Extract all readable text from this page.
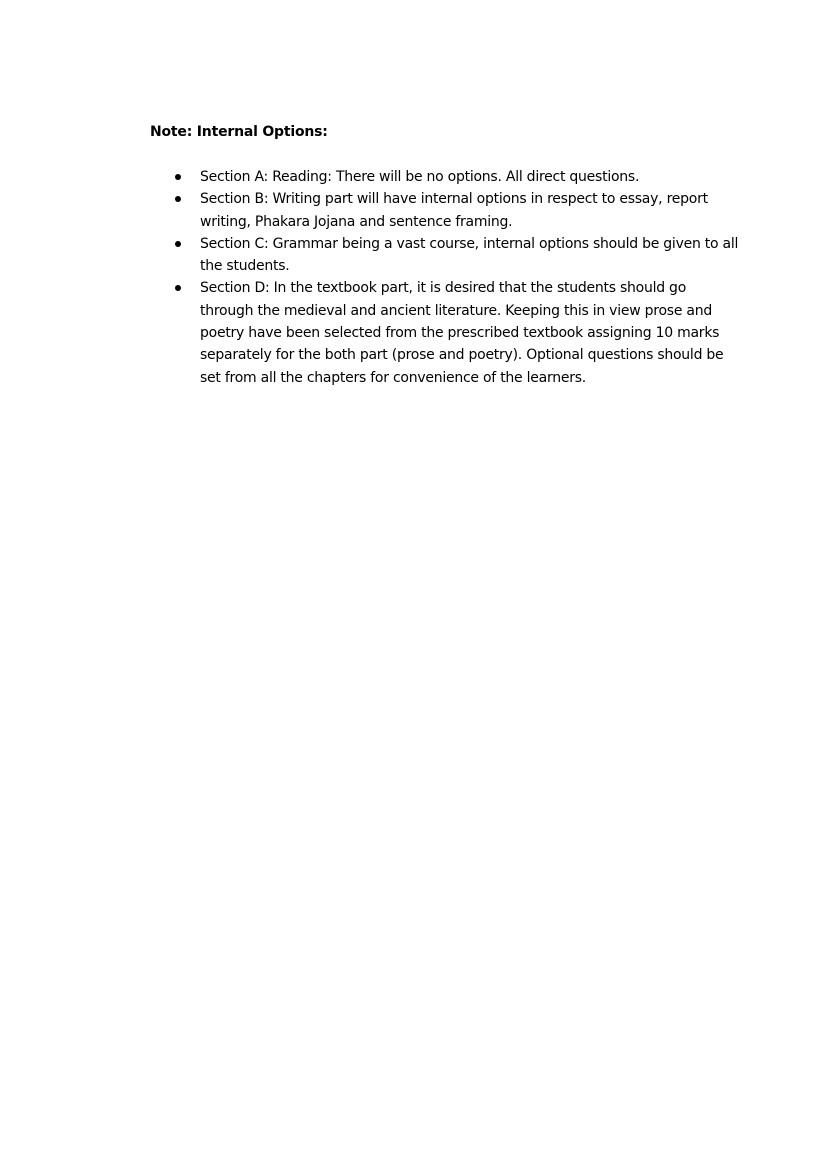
Note: Internal Options:
Section A: Reading: There will be no options. All direct questions.
Section B: Writing part will have internal options in respect to essay, report writing, Phakara Jojana and sentence framing.
Section C: Grammar being a vast course, internal options should be given to all the students.
Section D: In the textbook part, it is desired that the students should go through the medieval and ancient literature. Keeping this in view prose and poetry have been selected from the prescribed textbook assigning 10 marks separately for the both part (prose and poetry). Optional questions should be set from all the chapters for convenience of the learners.
